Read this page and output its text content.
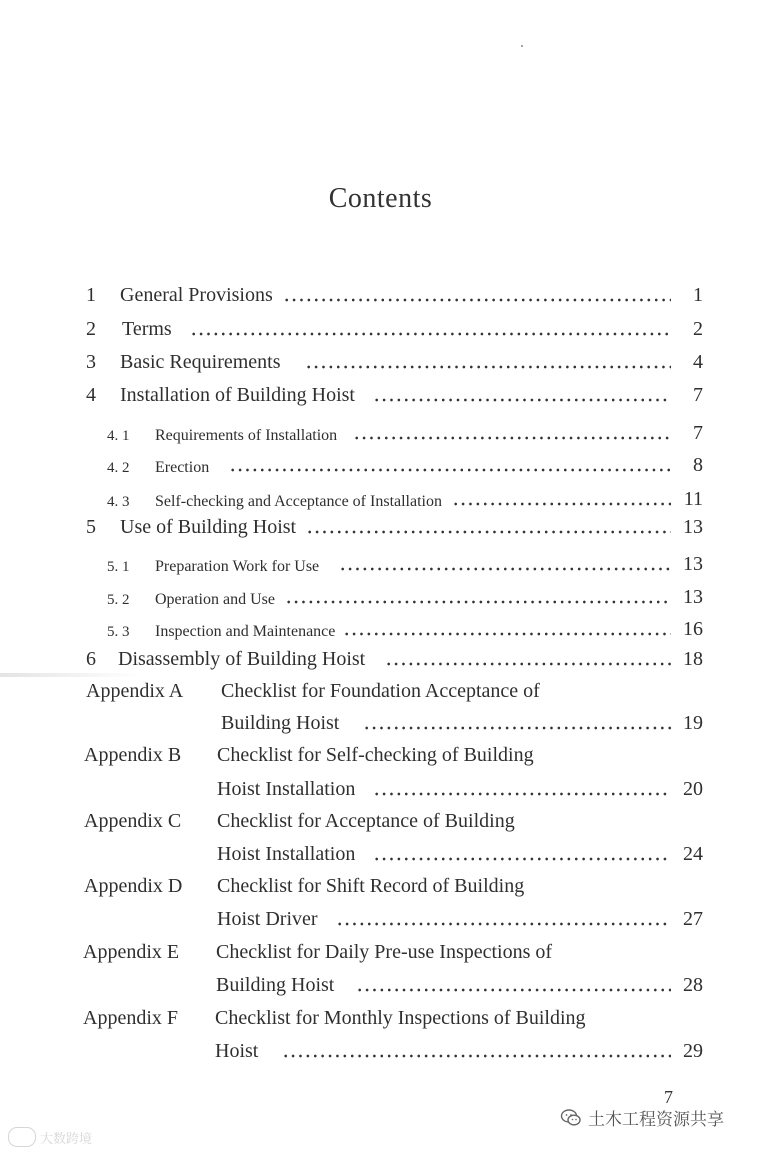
Contents
1	General Provisions	1
2	Terms	2
3	Basic Requirements	4
4	Installation of Building Hoist	7
4. 1	Requirements of Installation	7
4. 2	Erection	8
4. 3	Self-checking and Acceptance of Installation	11
5	Use of Building Hoist	13
5. 1	Preparation Work for Use	13
5. 2	Operation and Use	13
5. 3	Inspection and Maintenance	16
6	Disassembly of Building Hoist	18
Appendix A Checklist for Foundation Acceptance of
Building Hoist	19
Appendix B Checklist for Self-checking of Building
Hoist Installation	20
Appendix C Checklist for Acceptance of Building
Hoist Installation	24
Appendix D Checklist for Shift Record of Building
Hoist Driver	27
Appendix E Checklist for Daily Pre-use Inspections of
Building Hoist	28
Appendix F Checklist for Monthly Inspections of Building
Hoist	29
7
大数跨境
土木工程资源共享
